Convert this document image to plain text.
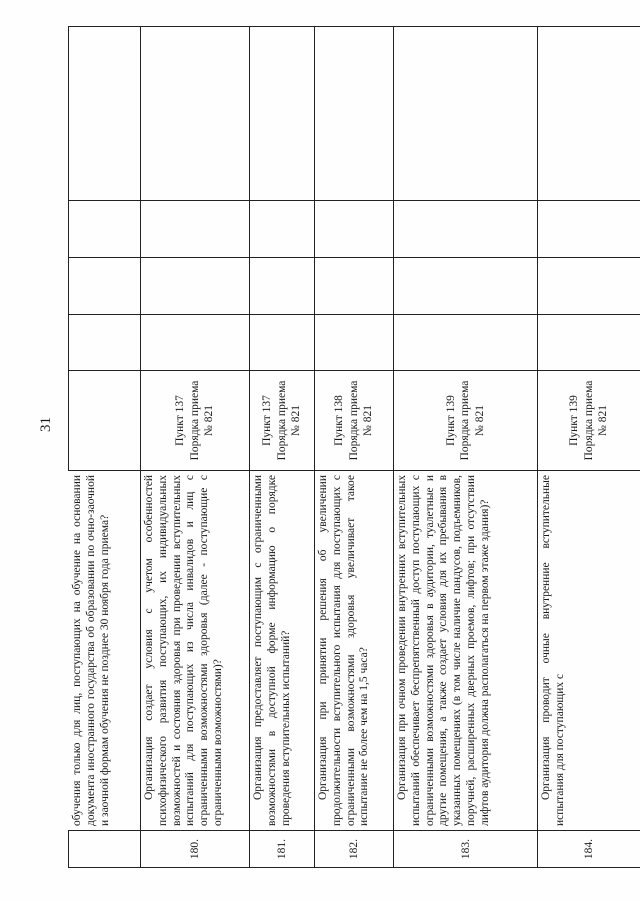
31
	обучения только для лиц, поступающих на обучение на основании документа иностранного государства об образовании по очно-заочной и заочной формам обучения не позднее 30 ноября года приема?					
180.	Организация создает условия с учетом особенностей психофизического развития поступающих, их индивидуальных возможностей и состояния здоровья при проведении вступительных испытаний для поступающих из числа инвалидов и лиц с ограниченными возможностями здоровья (далее - поступающие с ограниченными возможностями)?	Пункт 137 Порядка приема № 821				
181.	Организация предоставляет поступающим с ограниченными возможностями в доступной форме информацию о порядке проведения вступительных испытаний?	Пункт 137 Порядка приема № 821				
182.	Организация при принятии решения об увеличении продолжительности вступительного испытания для поступающих с ограниченными возможностями здоровья увеличивает такое испытание не более чем на 1,5 часа?	Пункт 138 Порядка приема № 821				
183.	Организация при очном проведении внутренних вступительных испытаний обеспечивает беспрепятственный доступ поступающих с ограниченными возможностями здоровья в аудитории, туалетные и другие помещения, а также создает условия для их пребывания в указанных помещениях (в том числе наличие пандусов, подъемников, поручней, расширенных дверных проемов, лифтов; при отсутствии лифтов аудитория должна располагаться на первом этаже здания)?	Пункт 139 Порядка приема № 821				
184.	Организация проводит очные внутренние вступительные испытания для поступающих с	Пункт 139 Порядка приема № 821				
